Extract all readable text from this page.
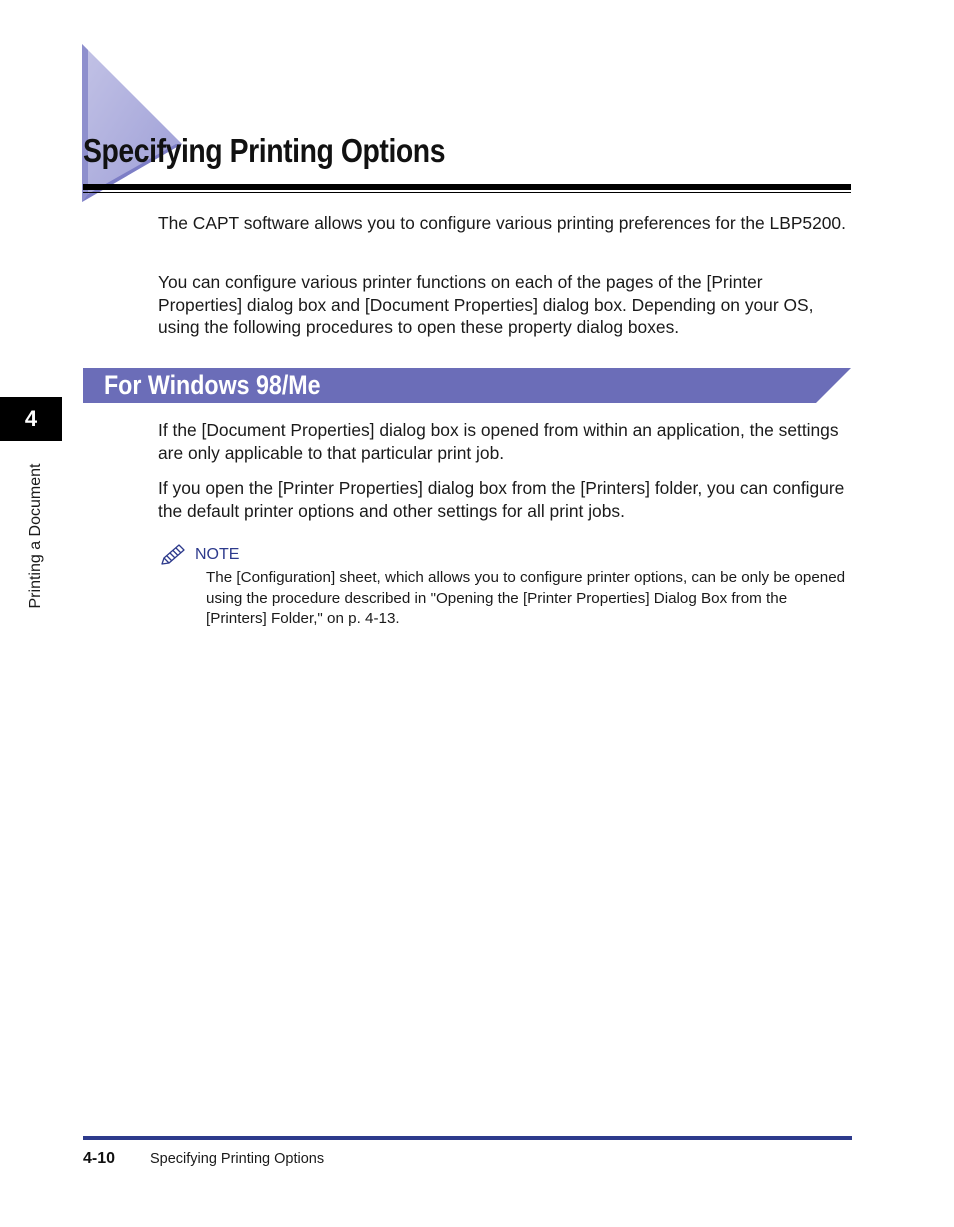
Specifying Printing Options

The CAPT software allows you to configure various printing preferences for the LBP5200.

You can configure various printer functions on each of the pages of the [Printer Properties] dialog box and [Document Properties] dialog box. Depending on your OS, using the following procedures to open these property dialog boxes.

For Windows 98/Me

If the [Document Properties] dialog box is opened from within an application, the settings are only applicable to that particular print job.

If you open the [Printer Properties] dialog box from the [Printers] folder, you can configure the default printer options and other settings for all print jobs.

NOTE

The [Configuration] sheet, which allows you to configure printer options, can be only be opened using the procedure described in "Opening the [Printer Properties] Dialog Box from the [Printers] Folder," on p. 4-13.

4
Printing a Document

4-10 Specifying Printing Options
